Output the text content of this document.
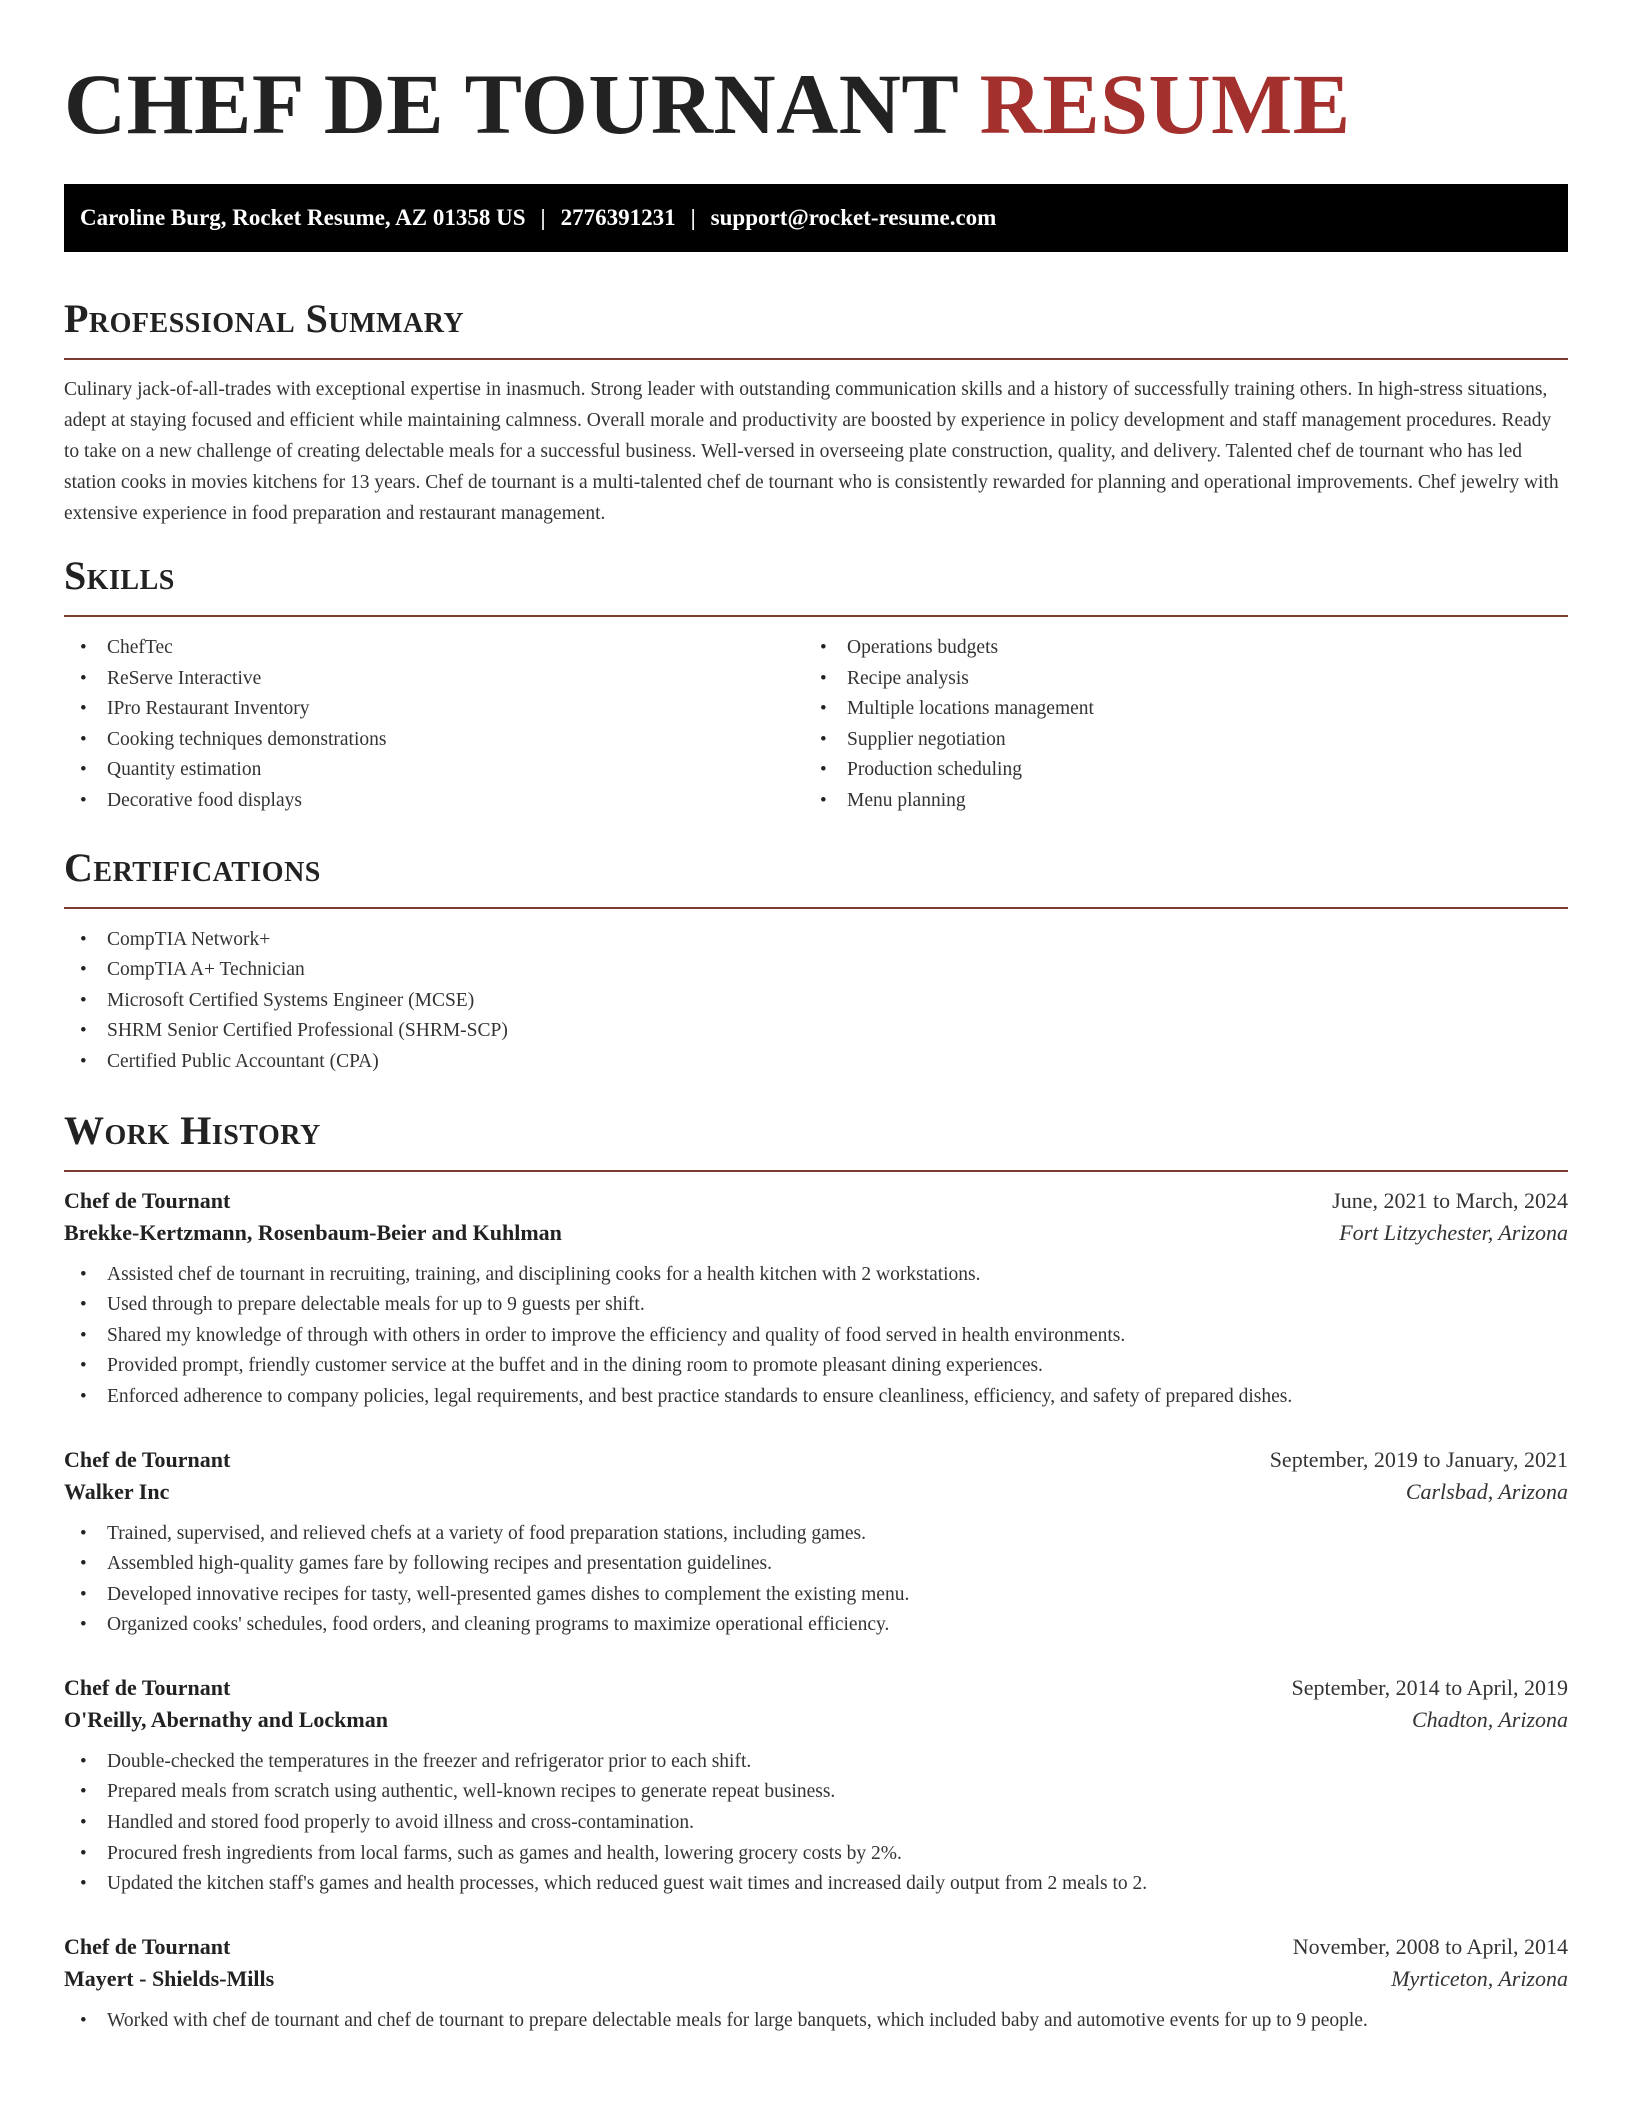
CHEF DE TOURNANT RESUME
Caroline Burg, Rocket Resume, AZ 01358 US | 2776391231 | support@rocket-resume.com
Professional Summary

Culinary jack-of-all-trades with exceptional expertise in inasmuch. Strong leader with outstanding communication skills and a history of successfully training others. In high-stress situations, adept at staying focused and efficient while maintaining calmness. Overall morale and productivity are boosted by experience in policy development and staff management procedures. Ready to take on a new challenge of creating delectable meals for a successful business. Well-versed in overseeing plate construction, quality, and delivery. Talented chef de tournant who has led station cooks in movies kitchens for 13 years. Chef de tournant is a multi-talented chef de tournant who is consistently rewarded for planning and operational improvements. Chef jewelry with extensive experience in food preparation and restaurant management.

Skills
• ChefTec
• ReServe Interactive
• IPro Restaurant Inventory
• Cooking techniques demonstrations
• Quantity estimation
• Decorative food displays
• Operations budgets
• Recipe analysis
• Multiple locations management
• Supplier negotiation
• Production scheduling
• Menu planning
Certifications
• CompTIA Network+
• CompTIA A+ Technician
• Microsoft Certified Systems Engineer (MCSE)
• SHRM Senior Certified Professional (SHRM-SCP)
• Certified Public Accountant (CPA)
Work History
Chef de Tournant	June, 2021 to March, 2024
Brekke-Kertzmann, Rosenbaum-Beier and Kuhlman	Fort Litzychester, Arizona
• Assisted chef de tournant in recruiting, training, and disciplining cooks for a health kitchen with 2 workstations.
• Used through to prepare delectable meals for up to 9 guests per shift.
• Shared my knowledge of through with others in order to improve the efficiency and quality of food served in health environments.
• Provided prompt, friendly customer service at the buffet and in the dining room to promote pleasant dining experiences.
• Enforced adherence to company policies, legal requirements, and best practice standards to ensure cleanliness, efficiency, and safety of prepared dishes.
Chef de Tournant	September, 2019 to January, 2021
Walker Inc	Carlsbad, Arizona
• Trained, supervised, and relieved chefs at a variety of food preparation stations, including games.
• Assembled high-quality games fare by following recipes and presentation guidelines.
• Developed innovative recipes for tasty, well-presented games dishes to complement the existing menu.
• Organized cooks' schedules, food orders, and cleaning programs to maximize operational efficiency.
Chef de Tournant	September, 2014 to April, 2019
O'Reilly, Abernathy and Lockman	Chadton, Arizona
• Double-checked the temperatures in the freezer and refrigerator prior to each shift.
• Prepared meals from scratch using authentic, well-known recipes to generate repeat business.
• Handled and stored food properly to avoid illness and cross-contamination.
• Procured fresh ingredients from local farms, such as games and health, lowering grocery costs by 2%.
• Updated the kitchen staff's games and health processes, which reduced guest wait times and increased daily output from 2 meals to 2.
Chef de Tournant	November, 2008 to April, 2014
Mayert - Shields-Mills	Myrticeton, Arizona
• Worked with chef de tournant and chef de tournant to prepare delectable meals for large banquets, which included baby and automotive events for up to 9 people.
